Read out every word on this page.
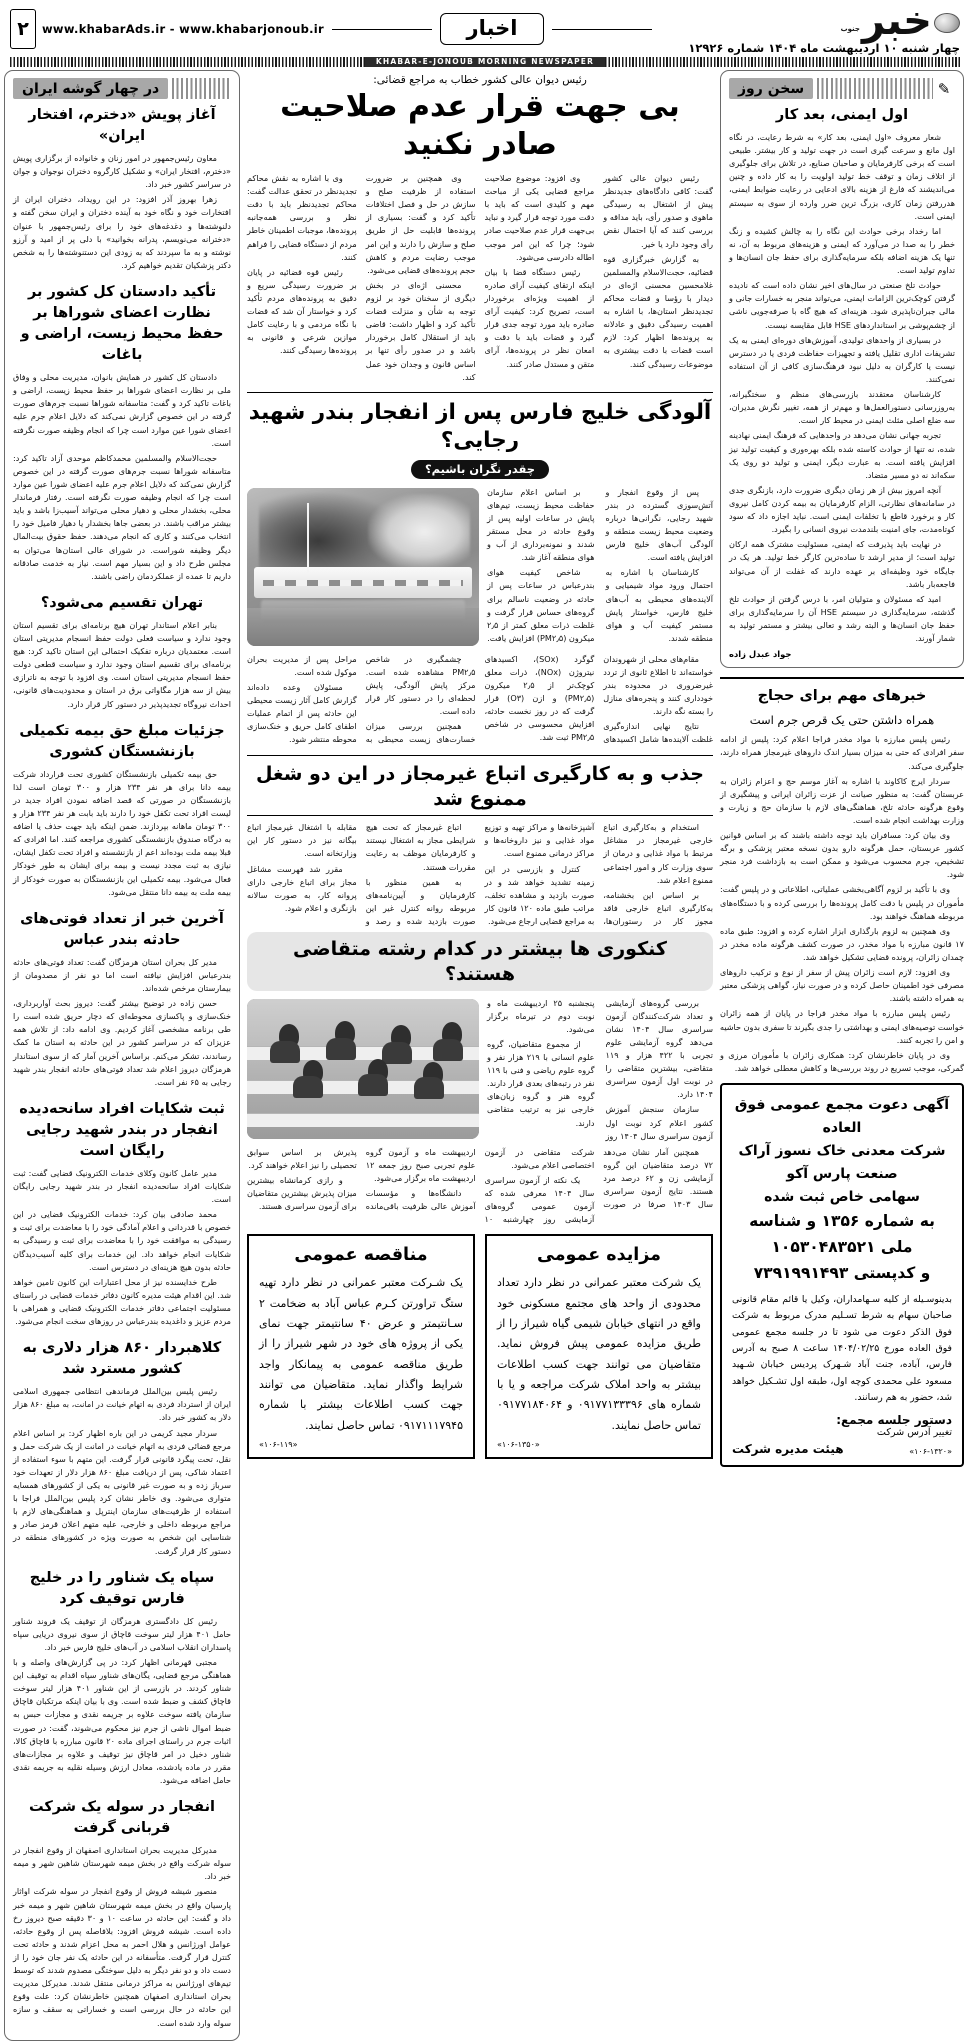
خبر
جنوب
چهار شنبه ۱۰ اردیبهشت ماه ۱۴۰۴ شماره ۱۲۹۲۶
اخبار
www.khabarAds.ir - www.khabarjonoub.ir
۲
KHABAR-E-JONOUB MORNING NEWSPAPER
✎
سخن روز
اول ایمنی، بعد کار

شعار معروف «اول ایمنی، بعد کار» به شرط رعایت، در نگاه اول مانع و سرعت گیری است در جهت تولید و کار بیشتر. طبیعی است که برخی کارفرمایان و صاحبان صنایع، در تلاش برای جلوگیری از اتلاف زمان و توقف خط تولید اولویت را به کار داده و چنین می‌اندیشند که فارغ از هزینه بالای ادعایی در رعایت ضوابط ایمنی، هدررفتن زمان کاری، بزرگ ترین ضرر وارده از سوی به سیستم ایمنی است.

اما رخداد برخی حوادث این نگاه را به چالش کشیده و زنگ خطر را به صدا در می‌آورد که ایمنی و هزینه‌های مربوط به آن، نه تنها یک هزینه اضافه بلکه سرمایه‌گذاری برای حفظ جان انسان‌ها و تداوم تولید است.

حوادث تلخ صنعتی در سال‌های اخیر نشان داده است که نادیده گرفتن کوچک‌ترین الزامات ایمنی، می‌تواند منجر به خسارات جانی و مالی جبران‌ناپذیری شود. هزینه‌ای که هیچ گاه با صرفه‌جویی ناشی از چشم‌پوشی بر استانداردهای HSE قابل مقایسه نیست.

در بسیاری از واحدهای تولیدی، آموزش‌های دوره‌ای ایمنی به یک تشریفات اداری تقلیل یافته و تجهیزات حفاظت فردی یا در دسترس نیست یا کارگران به دلیل نبود فرهنگ‌سازی کافی از آن استفاده نمی‌کنند.

کارشناسان معتقدند بازرسی‌های منظم و سختگیرانه، به‌روزرسانی دستورالعمل‌ها و مهم‌تر از همه، تغییر نگرش مدیران، سه ضلع اصلی مثلث ایمنی در محیط کار است.

تجربه جهانی نشان می‌دهد در واحدهایی که فرهنگ ایمنی نهادینه شده، نه تنها از حوادث کاسته شده بلکه بهره‌وری و کیفیت تولید نیز افزایش یافته است. به عبارت دیگر، ایمنی و تولید دو روی یک سکه‌اند نه دو مسیر متضاد.

آنچه امروز بیش از هر زمان دیگری ضرورت دارد، بازنگری جدی در سامانه‌های نظارتی، الزام کارفرمایان به بیمه کردن کامل نیروی کار و برخورد قاطع با تخلفات ایمنی است. نباید اجازه داد که سود کوتاه‌مدت، جای امنیت بلندمدت نیروی انسانی را بگیرد.

در نهایت باید پذیرفت که ایمنی، مسئولیت مشترک همه ارکان تولید است؛ از مدیر ارشد تا ساده‌ترین کارگر خط تولید. هر یک در جایگاه خود وظیفه‌ای بر عهده دارند که غفلت از آن می‌تواند فاجعه‌بار باشد.

امید که مسئولان و متولیان امر، با درس گرفتن از حوادث تلخ گذشته، سرمایه‌گذاری در سیستم HSE آن را سرمایه‌گذاری برای حفظ جان انسان‌ها و البته رشد و تعالی بیشتر و مستمر تولید به شمار آورند.

جواد عبدل زاده
خبرهای مهم برای حجاج
همراه داشتن حتی یک قرص جرم است

رئیس پلیس مبارزه با مواد مخدر فراجا اعلام کرد: پلیس از ادامه سفر افرادی که حتی به میزان بسیار اندک داروهای غیرمجاز همراه دارند، جلوگیری می‌کند.

سردار ایرج کاکاوند با اشاره به آغاز موسم حج و اعزام زائران به عربستان گفت: به منظور صیانت از عزت زائران ایرانی و پیشگیری از وقوع هرگونه حادثه تلخ، هماهنگی‌های لازم با سازمان حج و زیارت و وزارت بهداشت انجام شده است.

وی بیان کرد: مسافران باید توجه داشته باشند که بر اساس قوانین کشور عربستان، حمل هرگونه دارو بدون نسخه معتبر پزشکی و برگه تشخیص، جرم محسوب می‌شود و ممکن است به بازداشت فرد منجر شود.

وی با تأکید بر لزوم آگاهی‌بخشی عملیاتی، اطلاعاتی و در پلیس گفت: مأموران در پلیس با دقت کامل پرونده‌ها را بررسی کرده و با دستگاه‌های مربوطه هماهنگ خواهند بود.

وی همچنین به لزوم بارگذاری ابزار اشاره کرده و افزود: طبق ماده ۱۷ قانون مبارزه با مواد مخدر، در صورت کشف هرگونه ماده مخدر در چمدان زائران، پرونده قضایی تشکیل خواهد شد.

وی افزود: لازم است زائران پیش از سفر از نوع و ترکیب داروهای مصرفی خود اطمینان حاصل کرده و در صورت نیاز، گواهی پزشکی معتبر به همراه داشته باشند.

رئیس پلیس مبارزه با مواد مخدر فراجا در پایان از همه زائران خواست توصیه‌های ایمنی و بهداشتی را جدی بگیرند تا سفری بدون حاشیه و امن را تجربه کنند.

وی در پایان خاطرنشان کرد: همکاری زائران با مأموران مرزی و گمرکی، موجب تسریع در روند بررسی‌ها و کاهش معطلی خواهد شد.

آگهی دعوت مجمع عمومی فوق العاده
شرکت معدنی خاک نسوز آراک صنعت پارس آکو
سهامی خاص ثبت شده
به شماره ۱۳۵۶ و شناسه ملی ۱۰۵۳۰۴۸۳۵۲۱
و کدپستی ۷۳۹۱۹۹۱۴۹۳

بدینوسـیله از کلیه سـهامداران، وکیل یا قائم مقام قانونی صاحبان سهام به شرط تسـلیم مدرک مربوط به شرکت فوق الذکر دعوت می شود تا در جلسه مجمع عمومی فوق العاده مورخ ۱۴۰۴/۰۲/۲۵ ساعت ۸ صبح به آدرس فارس، آباده، جنت آباد شـهرک پردیس خیابان شـهید مسعود علی محمدی کوچه اول، طبقه اول تشـکیل خواهد شد، حضور به هم رسانند.

دستور جلسه مجمع:
تغییر آدرس شرکت
«۱۰۶-۱۳۲۰»
هیئت مدیره شرکت
رئیس دیوان عالی کشور خطاب به مراجع قضائی:
بی جهت قرار عدم صلاحیت صادر نکنید

رئیس دیوان عالی کشور گفت: کافی دادگاه‌های جدیدنظر پیش از اشتغال به رسیدگی ماهوی و صدور رأی، باید مداقه و بررسی کنند که آیا احتمال نقض رأی وجود دارد یا خیر.

به گزارش خبرگزاری قوه قضائیه، حجت‌الاسلام والمسلمین غلامحسین محسنی اژه‌ای در دیدار با رؤسا و قضات محاکم تجدیدنظر استان‌ها، با اشاره به اهمیت رسیدگی دقیق و عادلانه به پرونده‌ها اظهار کرد: لازم است قضات با دقت بیشتری به موضوعات رسیدگی کنند.

وی افزود: موضوع صلاحیت مراجع قضایی یکی از مباحث مهم و کلیدی است که باید با دقت مورد توجه قرار گیرد و نباید بی‌جهت قرار عدم صلاحیت صادر شود؛ چرا که این امر موجب اطاله دادرسی می‌شود.

رئیس دستگاه قضا با بیان اینکه ارتقای کیفیت آرای صادره از اهمیت ویژه‌ای برخوردار است، تصریح کرد: کیفیت آرای صادره باید مورد توجه جدی قرار گیرد و قضات باید با دقت و امعان نظر در پرونده‌ها، آرای متقن و مستدل صادر کنند.

وی همچنین بر ضرورت استفاده از ظرفیت صلح و سازش در حل و فصل اختلافات تأکید کرد و گفت: بسیاری از پرونده‌ها قابلیت حل از طریق صلح و سازش را دارند و این امر موجب رضایت مردم و کاهش حجم پرونده‌های قضایی می‌شود.

محسنی اژه‌ای در بخش دیگری از سخنان خود بر لزوم توجه به شأن و منزلت قضات تأکید کرد و اظهار داشت: قاضی باید از استقلال کامل برخوردار باشد و در صدور رأی تنها بر اساس قانون و وجدان خود عمل کند.

وی با اشاره به نقش محاکم تجدیدنظر در تحقق عدالت گفت: محاکم تجدیدنظر باید با دقت نظر و بررسی همه‌جانبه پرونده‌ها، موجبات اطمینان خاطر مردم از دستگاه قضایی را فراهم کنند.

رئیس قوه قضائیه در پایان بر ضرورت رسیدگی سریع و دقیق به پرونده‌های مردم تأکید کرد و خواستار آن شد که قضات با نگاه مردمی و با رعایت کامل موازین شرعی و قانونی به پرونده‌ها رسیدگی کنند.

آلودگی خلیج فارس پس از انفجار بندر شهید رجایی؟
چقدر نگران باشیم؟

پس از وقوع انفجار و آتش‌سوزی گسترده در بندر شهید رجایی، نگرانی‌ها درباره وضعیت محیط زیست منطقه و آلودگی آب‌های خلیج فارس افزایش یافته است.

کارشناسان با اشاره به احتمال ورود مواد شیمیایی و آلاینده‌های محیطی به آب‌های خلیج فارس، خواستار پایش مستمر کیفیت آب و هوای منطقه شدند.

بر اساس اعلام سازمان حفاظت محیط زیست، تیم‌های پایش در ساعات اولیه پس از وقوع حادثه در محل مستقر شدند و نمونه‌برداری از آب و هوای منطقه آغاز شد.

شاخص کیفیت هوای بندرعباس در ساعات پس از حادثه در وضعیت ناسالم برای گروه‌های حساس قرار گرفت و غلظت ذرات معلق کمتر از ۲٫۵ میکرون (PM۲٫۵) افزایش یافت.

مقام‌های محلی از شهروندان خواسته‌اند تا اطلاع ثانوی از تردد غیرضروری در محدوده بندر خودداری کنند و پنجره‌های منازل را بسته نگه دارند.

نتایج نهایی اندازه‌گیری غلظت آلاینده‌ها شامل اکسیدهای گوگرد (SOx)، اکسیدهای نیتروژن (NOx)، ذرات معلق کوچک‌تر از ۲٫۵ میکرون (PM۲٫۵) و ازن (O۳) قرار گرفت که در روز نخست حادثه، افزایش محسوسی در شاخص PM۲٫۵ ثبت شد.

چشمگیری در شاخص PM۲٫۵ مشاهده شده است. مرکز پایش آلودگی، پایش لحظه‌ای را در دستور کار قرار داده است.

همچنین بررسی میزان خسارت‌های زیست محیطی به مراحل پس از مدیریت بحران موکول شده است.

مسئولان وعده داده‌اند گزارش کامل آثار زیست محیطی این حادثه پس از اتمام عملیات اطفای کامل حریق و خنک‌سازی محوطه منتشر شود.

جذب و به کارگیری اتباع غیرمجاز در این دو شغل ممنوع شد

استخدام و به‌کارگیری اتباع خارجی غیرمجاز در مشاغل مرتبط با مواد غذایی و درمان از سوی وزارت کار و امور اجتماعی ممنوع اعلام شد.

بر اساس این بخشنامه، به‌کارگیری اتباع خارجی فاقد مجوز کار در رستوران‌ها، آشپزخانه‌ها و مراکز تهیه و توزیع مواد غذایی و نیز داروخانه‌ها و مراکز درمانی ممنوع است.

کنترل و بازرسی در این زمینه تشدید خواهد شد و در صورت بازدید و مشاهده تخلف، مراتب طبق ماده ۱۲۰ قانون کار به مراجع قضایی ارجاع می‌شود.

اتباع غیرمجاز که تحت هیچ شرایطی مجاز به اشتغال نیستند و کارفرمایان موظف به رعایت مقررات هستند.

به همین منظور با کارفرمایان و آیین‌نامه‌های مربوطه روانه کنترل غیر این صورت بازدید شده و رصد و مقابله با اشتغال غیرمجاز اتباع بیگانه نیز در دستور کار این وزارتخانه است.

مقرر شد فهرست مشاغل مجاز برای اتباع خارجی دارای پروانه کار، به صورت سالانه بازنگری و اعلام شود.

کنکوری ها بیشتر در کدام رشته متقاضی هستند؟

بررسی گروه‌های آزمایشی و تعداد شرکت‌کنندگان آزمون سراسری سال ۱۴۰۴ نشان می‌دهد گروه آزمایشی علوم تجربی با ۴۲۲ هزار و ۱۱۹ متقاضی، بیشترین متقاضی را در نوبت اول آزمون سراسری ۱۴۰۴ دارد.

سازمان سنجش آموزش کشور اعلام کرد نوبت اول آزمون سراسری سال ۱۴۰۴ روز پنجشنبه ۲۵ اردیبهشت ماه و نوبت دوم در تیرماه برگزار می‌شود.

از مجموع متقاضیان، گروه علوم انسانی با ۲۱۹ هزار نفر و گروه علوم ریاضی و فنی با ۱۱۹ نفر در رتبه‌های بعدی قرار دارند. گروه هنر و گروه زبان‌های خارجی نیز به ترتیب متقاضی دارند.

همچنین آمار نشان می‌دهد ۷۲ درصد متقاضیان این گروه آزمایشی زن و ۶۲ درصد مرد هستند. نتایج آزمون سراسری سال ۱۴۰۳ صرفا در صورت شرکت متقاضی در آزمون اختصاصی اعلام می‌شود.

یک نکته از آزمون سراسری سال ۱۴۰۴ معرفی شده که آزمون عمومی گروه‌های آزمایشی روز چهارشنبه ۱۰ اردیبهشت ماه و آزمون گروه علوم تجربی صبح روز جمعه ۱۲ اردیبهشت ماه برگزار می‌شود.

دانشگاه‌ها و مؤسسات آموزش عالی ظرفیت باقی‌مانده پذیرش بر اساس سوابق تحصیلی را نیز اعلام خواهند کرد.

و رازی کرمانشاه بیشترین میزان پذیرش بیشترین متقاضیان برای آزمون سراسری هستند.

مزایده عمومی

یک شرکت معتبر عمرانی در نظر دارد تعداد محدودی از واحد های مجتمع مسکونی خود واقع در انتهای خیابان شیمی گیاه شیراز را از طریق مزایده عمومی پیش فروش نماید. متقاضیان می توانند جهت کسب اطلاعات بیشتر به واحد املاک شرکت مراجعه و یا با شماره های ۰۹۱۷۷۱۳۳۳۹۶ و ۰۹۱۷۷۱۸۴۰۶۴ تماس حاصل نمایند.

«۱۰۶-۱۳۵۰»
مناقصه عمومی

یک شـرکت معتبر عمرانی در نظر دارد تهیه ستگ تراورتن کـرم عباس آباد به ضخامت ۲ سـانتیمتر و عرض ۴۰ سانتیمتر جهت نمای یکی از پروژه های خود در شهر شیراز را از طریق مناقصه عمومی به پیمانکار واجد شرایط واگذار نماید. متقاضیان می توانند جهت کسب اطلاعات بیشتر با شماره ۰۹۱۷۱۱۱۷۹۴۵ تماس حاصل نمایند.

«۱۰۶-۱۱۹»
در چهار گوشه ایران
آغاز پویش «دخترم، افتخار ایران»

معاون رئیس‌جمهور در امور زنان و خانواده از برگزاری پویش «دخترم، افتخار ایران» و تشکیل کارگروه دختران نوجوان و جوان در سراسر کشور خبر داد.

زهرا بهروز آذر افزود: در این رویداد، دختران ایران از افتخارات خود و نگاه خود به آینده دختران و ایران سخن گفته و دلنوشته‌ها و دغدغه‌های خود را برای رئیس‌جمهور با عنوان «دخترانه می‌نویسم، پدرانه بخوانید» با دلی پر از امید و آرزو نوشته و به ما سپردند که به زودی این دستنوشته‌ها را به شخص دکتر پزشکیان تقدیم خواهیم کرد.

تأکید دادستان کل کشور بر نظارت اعضای شوراها بر حفظ محیط زیست، اراضی و باغات

دادستان کل کشور در همایش بانوان، مدیریت محلی و وفاق ملی بر نظارت اعضای شوراها بر حفظ محیط زیست، اراضی و باغات تاکید کرد و گفت: متاسفانه شوراها نسبت جرم‌های صورت گرفته در این خصوص گزارش نمی‌کند که دلایل اعلام جرم علیه اعضای شورا عین موارد است چرا که انجام وظیفه صورت نگرفته است.

حجت‌الاسلام والمسلمین محمدکاظم موحدی آزاد تاکید کرد: متاسفانه شوراها نسبت جرم‌های صورت گرفته در این خصوص گزارش نمی‌کند که دلایل اعلام جرم علیه اعضای شورا عین موارد است چرا که انجام وظیفه صورت نگرفته است. رفتار فرماندار محلی، بخشدار محلی و دهیار محلی می‌تواند آسیب‌زا باشد و باید بیشتر مراقب باشند. در بعضی جاها بخشدار یا دهیار فامیل خود را انتخاب می‌کنند و کاری که انجام می‌دهند. حفظ حقوق بیت‌المال دیگر وظیفه شوراست. در شورای عالی استان‌ها می‌توان به مجلس طرح داد و این بسیار مهم است. نیاز به خدمت صادقانه داریم تا عمده از عملکردمان راضی باشند.

تهران تقسیم می‌شود؟

بنابر اعلام استاندار تهران هیچ برنامه‌ای برای تقسیم استان وجود ندارد و سیاست فعلی دولت حفظ انسجام مدیریتی استان است. معتمدیان درباره تفکیک احتمالی این استان تاکید کرد: هیچ برنامه‌ای برای تقسیم استان وجود ندارد و سیاست قطعی دولت حفظ انسجام مدیریتی استان است. وی افزود با توجه به ناترازی بیش از سه هزار مگاواتی برق در استان و محدودیت‌های قانونی، احداث نیروگاه تجدیدپذیر در دستور کار قرار دارد.

جزئیات مبلغ حق بیمه تکمیلی بازنشستگان کشوری

حق بیمه تکمیلی بازنشستگان کشوری تحت قرارداد شرکت بیمه دانا برای هر نفر ۲۳۴ هزار و ۳۰۰ تومان است لذا بازنشستگان در صورتی که قصد اضافه نمودن افراد جدید در لیست افراد تحت تکفل خود را دارند باید بابت هر نفر ۲۳۴ هزار و ۳۰۰ تومان ماهانه بپردازند. ضمن اینکه باید جهت حذف یا اضافه به درگاه صندوق بازنشستگی کشوری مراجعه کنند. اما افرادی که قبلا بیمه ملت بوده‌اند اعم از بازنشسته و افراد تحت تکفل ایشان، نیازی به ثبت مجدد نیست و بیمه برای ایشان به طور خودکار فعال می‌شود. بیمه تکمیلی این بازنشستگان به صورت خودکار از بیمه ملت به بیمه دانا منتقل می‌شود.

آخرین خبر از تعداد فوتی‌های حادثه بندر عباس

مدیر کل بحران استان هرمزگان گفت: تعداد فوتی‌های حادثه بندرعباس افزایش نیافته است اما دو نفر از مصدومان از بیمارستان مرخص شده‌اند.

حسن زاده در توضیح بیشتر گفت: دیروز بحث آوار‌برداری، خنک‌سازی و پاکسازی محوطه‌ای که دچار حریق شده است را طی برنامه مشخصی آغاز کردیم. وی ادامه داد: از تلاش همه عزیزان که در سراسر کشور در این حادثه به استان ما کمک رساندند، تشکر می‌کنم. براساس آخرین آمار که از سوی استاندار هرمزگان دیروز اعلام شد تعداد فوتی‌های حادثه انفجار بندر شهید رجایی به ۶۵ نفر است.

ثبت شکایات افراد سانحه‌دیده انفجار در بندر شهید رجایی رایگان است

مدیر عامل کانون وکلای خدمات الکترونیک قضایی گفت: ثبت شکایات افراد سانحه‌دیده انفجار در بندر شهید رجایی رایگان است.

محمد صادقی بیان کرد: خدمات الکترونیک قضایی در این خصوص با قدردانی و اعلام آمادگی خود را با معاضدت برای ثبت و رسیدگی به موافقت خود را با معاضدت برای ثبت و رسیدگی به شکایات انجام خواهد داد. این خدمات برای کلیه آسیب‌دیدگان حادثه بدون هیچ هزینه‌ای در دسترس است.

طرح خدایسنده نیز از محل اعتبارات این کانون تامین خواهد شد. این اقدام هیئت مدیره کانون دفاتر خدمات قضایی در راستای مسئولیت اجتماعی دفاتر خدمات الکترونیک قضایی و همراهی با مردم عزیز و داغدیده بندرعباس در روزهای سخت انجام می‌شود.

کلاهبردار ۸۶۰ هزار دلاری به کشور مسترد شد

رئیس پلیس بین‌الملل فرماندهی انتظامی جمهوری اسلامی ایران از استرداد فردی به اتهام خیانت در امانت، به مبلغ ۸۶۰ هزار دلار به کشور خبر داد.

سردار مجید کریمی در این باره اظهار کرد: بر اساس اعلام مرجع قضائی فردی به اتهام خیانت در امانت از یک شرکت حمل و نقل، تحت پیگرد قانونی قرار گرفت. این متهم با سوء استفاده از اعتماد شاکی، پس از دریافت مبلغ ۸۶۰ هزار دلار از تعهدات خود سرباز زده و به صورت غیر قانونی به یکی از کشورهای همسایه متواری می‌شود. وی خاطر نشان کرد پلیس بین‌الملل فراجا با استفاده از ظرفیت‌های سازمان اینترپل و هماهنگی‌های لازم با مراجع مربوطه داخلی و خارجی، علیه متهم اعلان قرمز صادر و شناسایی این شخص به صورت ویژه در کشورهای منطقه در دستور کار قرار گرفت.

سپاه یک شناور را در خلیج فارس توقیف کرد

رئیس کل دادگستری هرمزگان از توقیف یک فروند شناور حامل ۴۰۱ هزار لیتر سوخت قاچاق از سوی نیروی دریایی سپاه پاسداران انقلاب اسلامی در آب‌های خلیج فارس خبر داد.

مجتبی قهرمانی اظهار کرد: در پی گزارش‌های واصله و با هماهنگی مرجع قضایی، یگان‌های شناور سپاه اقدام به توقیف این شناور کردند. در بازرسی از این شناور ۴۰۱ هزار لیتر سوخت قاچاق کشف و ضبط شده است. وی با بیان اینکه مرتکبان قاچاق سازمان یافته سوخت علاوه بر جریمه نقدی و مجازات حبس به ضبط اموال ناشی از جرم نیز محکوم می‌شوند، گفت: در صورت اثبات جرم در راستای اجرای ماده ۲۰ قانون مبارزه با قاچاق کالا، شناور دخیل در امر قاچاق نیز توقیف و علاوه بر مجازات‌های مقرر در ماده یادشده، معادل ارزش وسیله نقلیه به جریمه نقدی حامل اضافه می‌شود.

انفجار در سوله یک شرکت قربانی گرفت

مدیرکل مدیریت بحران استانداری اصفهان از وقوع انفجار در سوله شرکت واقع در بخش میمه شهرستان شاهین شهر و میمه خبر داد.

منصور شیشه فروش از وقوع انفجار در سوله شرکت اواثار پارسیان واقع در بخش میمه شهرستان شاهین شهر و میمه خبر داد و گفت: این حادثه در ساعت ۱۰ و ۳۰ دقیقه صبح دیروز رخ داده است. شیشه فروش افزود: بلافاصله پس از وقوع حادثه، عوامل اورژانس و هلال احمر به محل اعزام شدند و حادثه تحت کنترل قرار گرفت. متأسفانه در این حادثه یک نفر جان خود را از دست داد و دو نفر دیگر به دلیل سوختگی مصدوم شدند که توسط تیم‌های اورژانس به مراکز درمانی منتقل شدند. مدیرکل مدیریت بحران استانداری اصفهان همچنین خاطرنشان کرد: علت وقوع این حادثه در حال بررسی است و خساراتی به سقف و سازه سوله وارد شده است.
